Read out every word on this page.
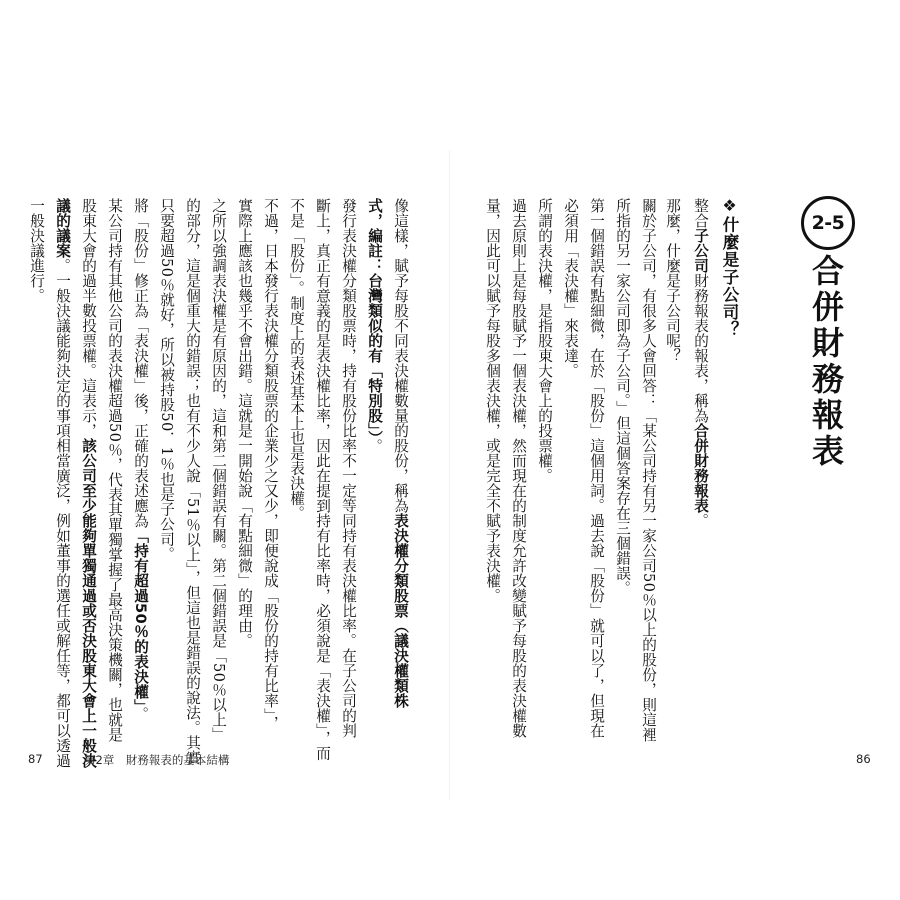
2-5
合併財務報表
❖什麼是子公司？
整合子公司財務報表的報表，稱為合併財務報表。
那麼，什麼是子公司呢？
關於子公司，有很多人會回答：「某公司持有另一家公司50％以上的股份，則這裡
所指的另一家公司即為子公司。」但這個答案存在三個錯誤。
第一個錯誤有點細微，在於「股份」這個用詞。過去說「股份」就可以了，但現在
必須用「表決權」來表達。
所謂的表決權，是指股東大會上的投票權。
過去原則上是每股賦予一個表決權，然而現在的制度允許改變賦予每股的表決權數
量，因此可以賦予每股多個表決權，或是完全不賦予表決權。
86
像這樣，賦予每股不同表決權數量的股份，稱為表決權分類股票（議決權類株
式，編註：台灣類似的有「特別股」）。
發行表決權分類股票時，持有股份比率不一定等同持有表決權比率。在子公司的判
斷上，真正有意義的是表決權比率，因此在提到持有比率時，必須說是「表決權」，而
不是「股份」。制度上的表述基本上也是表決權。
不過，日本發行表決權分類股票的企業少之又少，即便說成「股份的持有比率」，
實際上應該也幾乎不會出錯。這就是一開始說「有點細微」的理由。
之所以強調表決權是有原因的，這和第二個錯誤有關。第二個錯誤是「50％以上」
的部分，這是個重大的錯誤；也有不少人說「51％以上」，但這也是錯誤的說法。其實
只要超過50％就好，所以被持股50．1％也是子公司。
將「股份」修正為「表決權」後，正確的表述應為「持有超過50％的表決權」。
某公司持有其他公司的表決權超過50％，代表其單獨掌握了最高決策機關，也就是
股東大會的過半數投票權。這表示，該公司至少能夠單獨通過或否決股東大會上一般決
議的議案。一般決議能夠決定的事項相當廣泛，例如董事的選任或解任等，都可以透過
一般決議進行。
87	第2章　財務報表的基本結構
